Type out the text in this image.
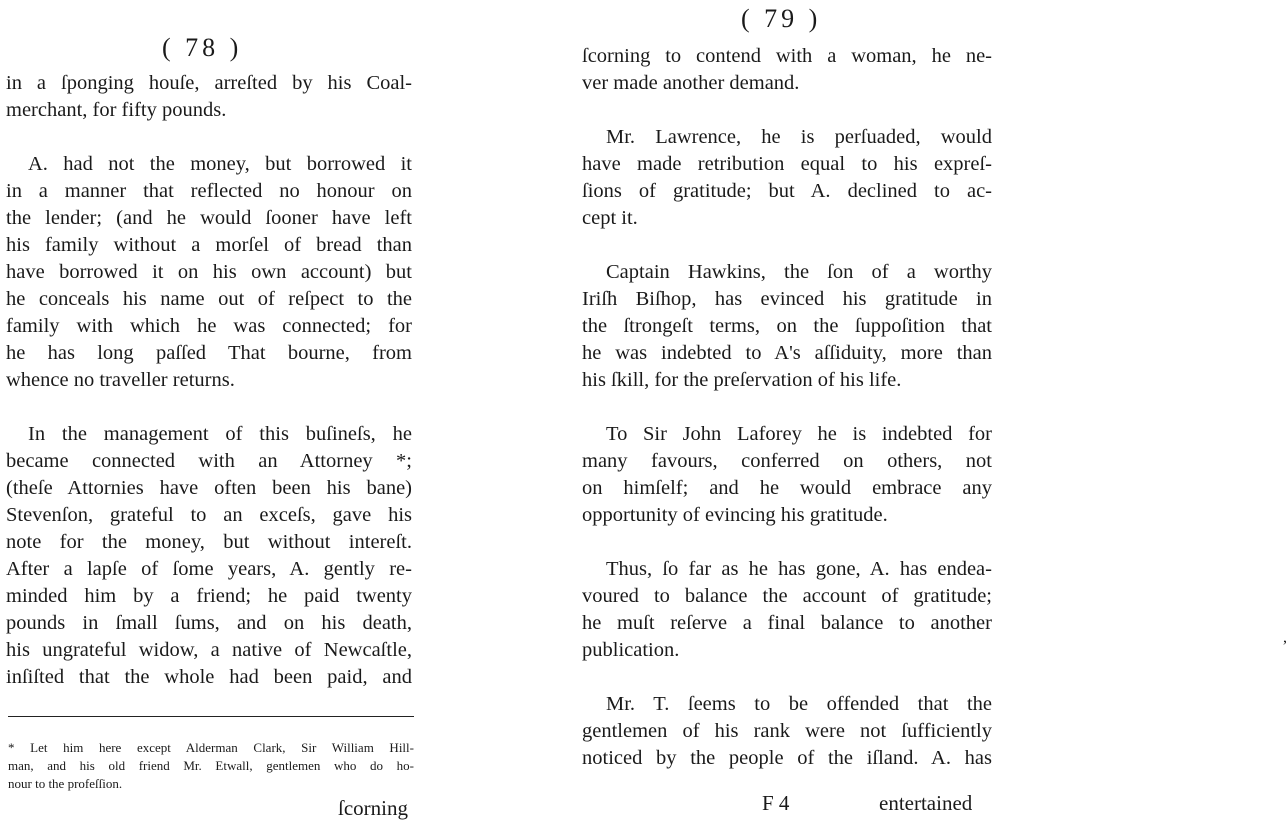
( 78 )
in a ſponging houſe, arreſted by his Coal-
merchant, for fifty pounds.
A. had not the money, but borrowed it
in a manner that reflected no honour on
the lender; (and he would ſooner have left
his family without a morſel of bread than
have borrowed it on his own account) but
he conceals his name out of reſpect to the
family with which he was connected; for
he has long paſſed That bourne, from
whence no traveller returns.
In the management of this buſineſs, he
became connected with an Attorney *;
(theſe Attornies have often been his bane)
Stevenſon, grateful to an exceſs, gave his
note for the money, but without intereſt.
After a lapſe of ſome years, A. gently re-
minded him by a friend; he paid twenty
pounds in ſmall ſums, and on his death,
his ungrateful widow, a native of Newcaſtle,
inſiſted that the whole had been paid, and
* Let him here except Alderman Clark, Sir William Hill-
man, and his old friend Mr. Etwall, gentlemen who do ho-
nour to the profeſſion.
ſcorning
( 79 )
ſcorning to contend with a woman, he ne-
ver made another demand.
Mr. Lawrence, he is perſuaded, would
have made retribution equal to his expreſ-
ſions of gratitude; but A. declined to ac-
cept it.
Captain Hawkins, the ſon of a worthy
Iriſh Biſhop, has evinced his gratitude in
the ſtrongeſt terms, on the ſuppoſition that
he was indebted to A's aſſiduity, more than
his ſkill, for the preſervation of his life.
To Sir John Laforey he is indebted for
many favours, conferred on others, not
on himſelf; and he would embrace any
opportunity of evincing his gratitude.
Thus, ſo far as he has gone, A. has endea-
voured to balance the account of gratitude;
he muſt reſerve a final balance to another
publication.
Mr. T. ſeems to be offended that the
gentlemen of his rank were not ſufficiently
noticed by the people of the iſland. A. has
,
F 4	entertained
